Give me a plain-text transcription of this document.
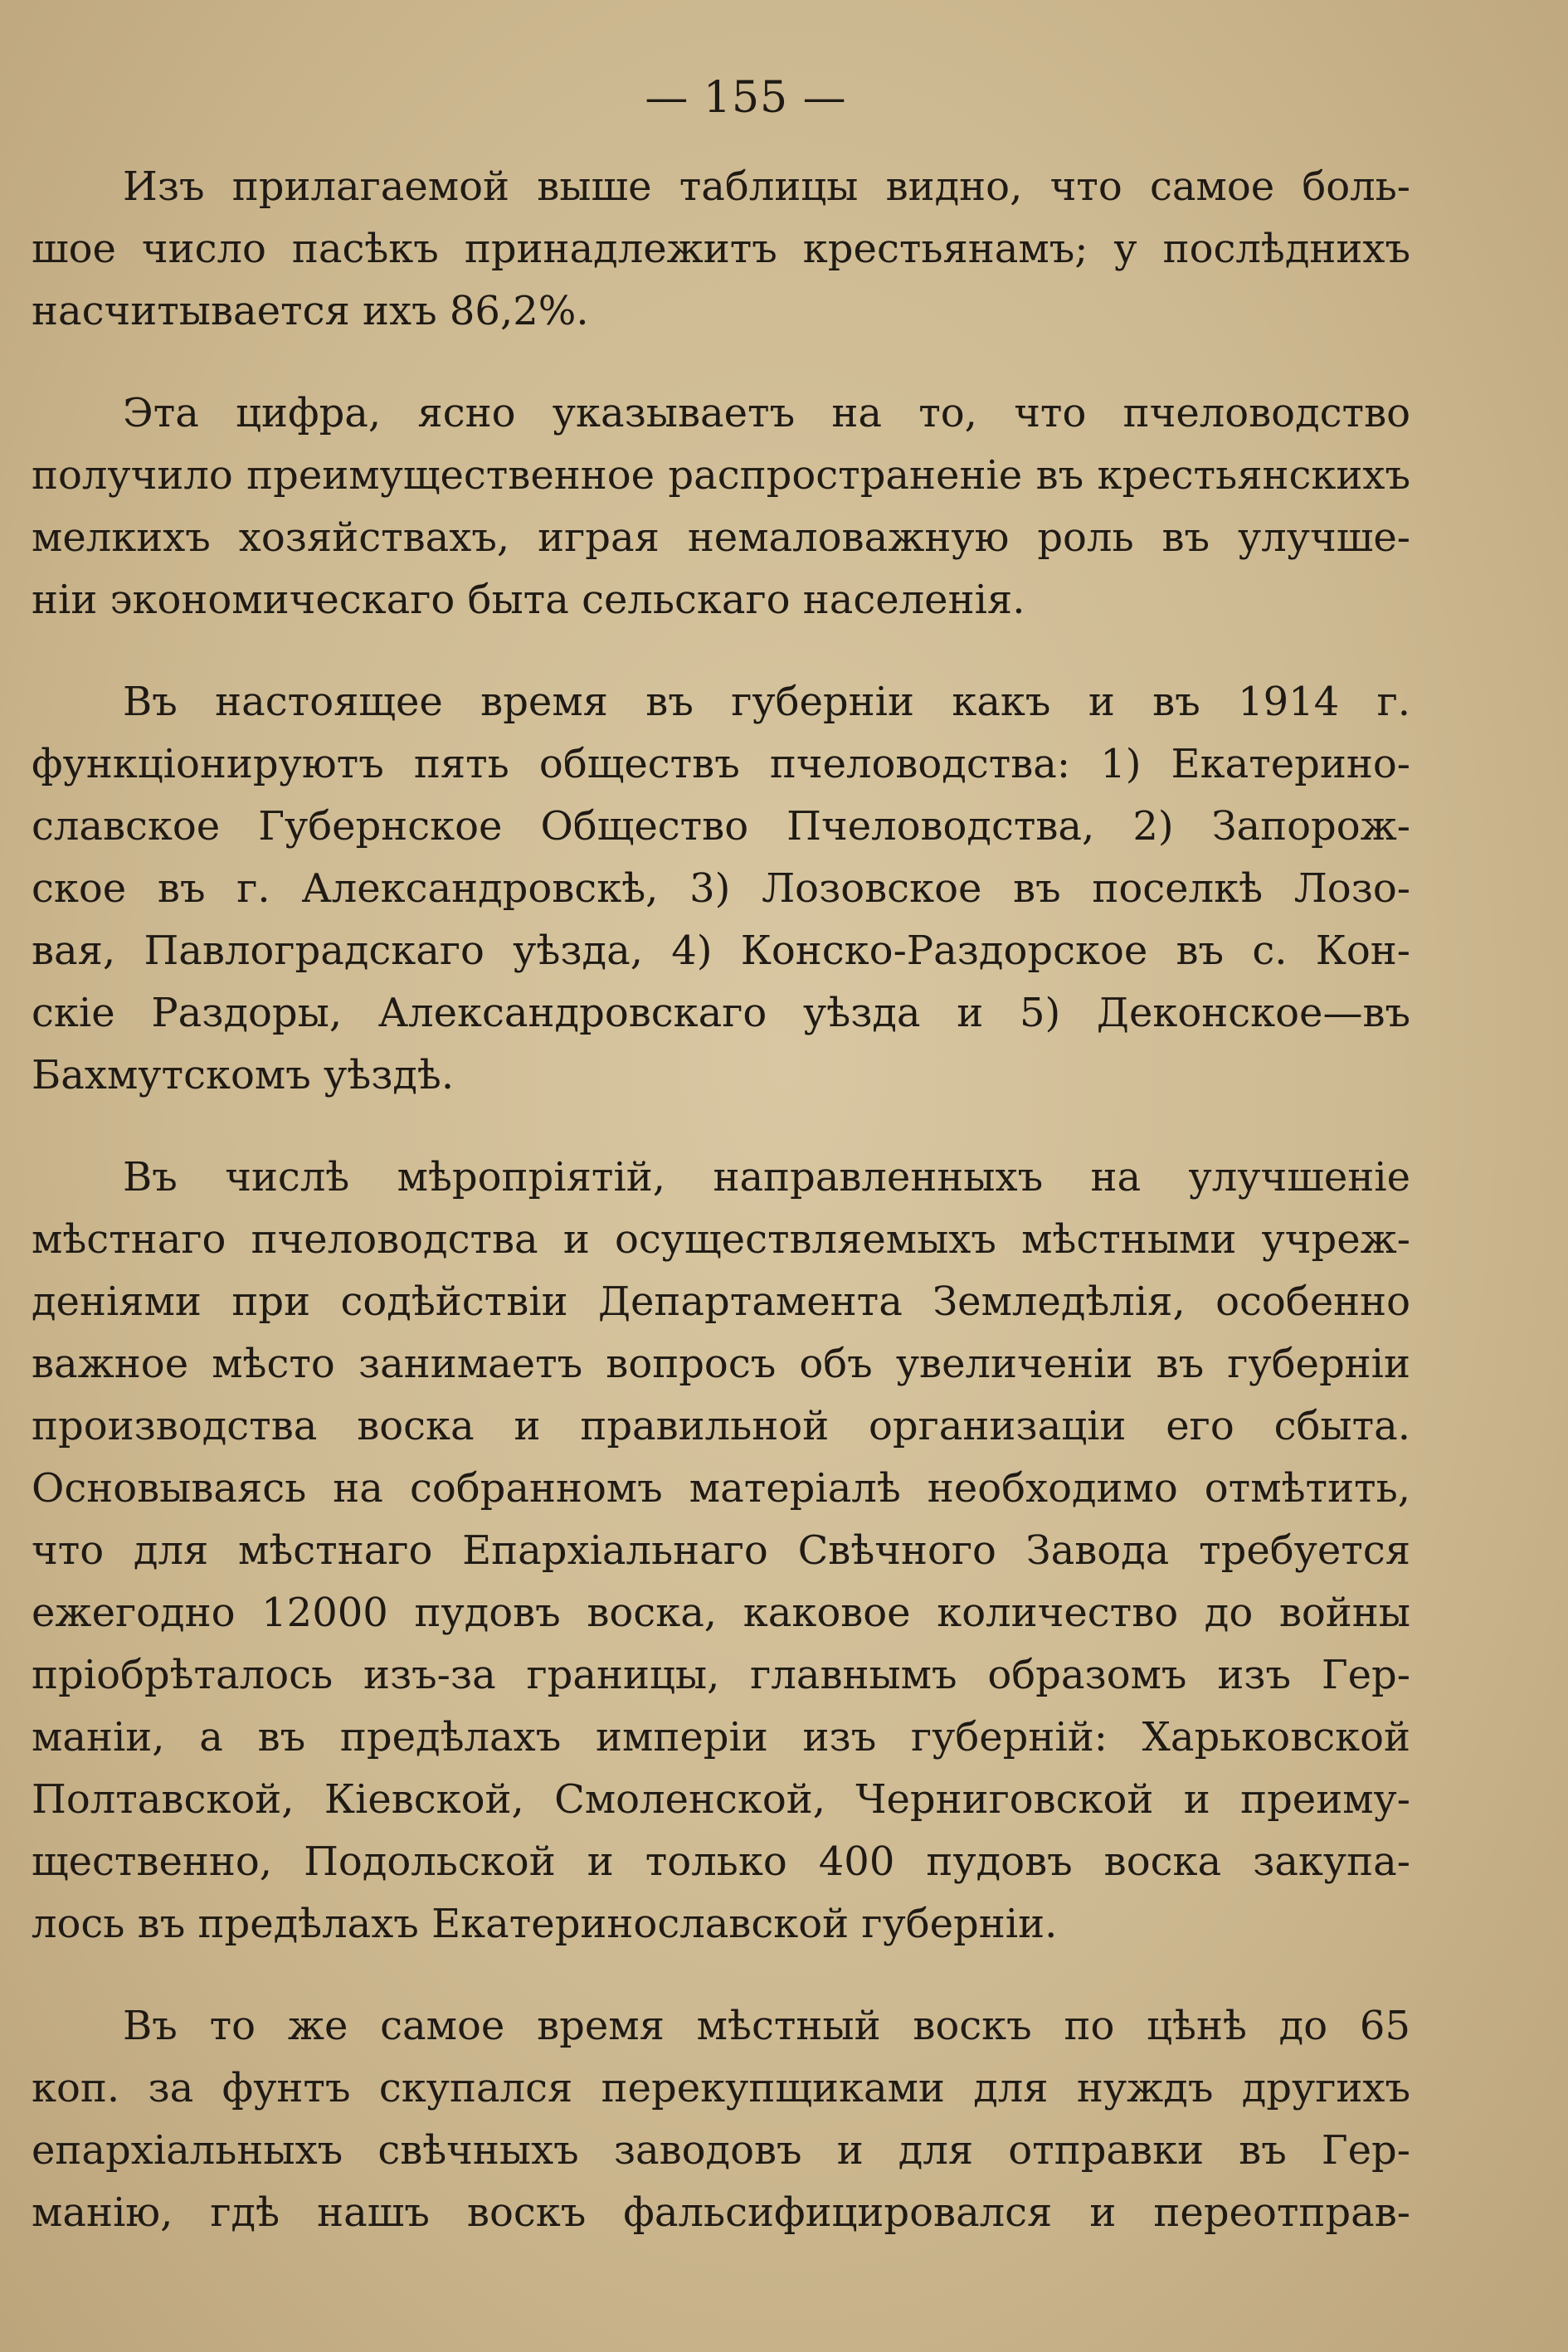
— 155 —
Изъ прилагаемой выше таблицы видно, что самое боль-
шое число пасѣкъ принадлежитъ крестьянамъ; у послѣднихъ
насчитывается ихъ 86,2%.
Эта цифра, ясно указываетъ на то, что пчеловодство
получило преимущественное распространеніе въ крестьянскихъ
мелкихъ хозяйствахъ, играя немаловажную роль въ улучше-
ніи экономическаго быта сельскаго населенія.
Въ настоящее время въ губерніи какъ и въ 1914 г.
функціонируютъ пять обществъ пчеловодства: 1) Екатерино-
славское Губернское Общество Пчеловодства, 2) Запорож-
ское въ г. Александровскѣ, 3) Лозовское въ поселкѣ Лозо-
вая, Павлоградскаго уѣзда, 4) Конско-Раздорское въ с. Кон-
скіе Раздоры, Александровскаго уѣзда и 5) Деконское—въ
Бахмутскомъ уѣздѣ.
Въ числѣ мѣропріятій, направленныхъ на улучшеніе
мѣстнаго пчеловодства и осуществляемыхъ мѣстными учреж-
деніями при содѣйствіи Департамента Земледѣлія, особенно
важное мѣсто занимаетъ вопросъ объ увеличеніи въ губерніи
производства воска и правильной организаціи его сбыта.
Основываясь на собранномъ матеріалѣ необходимо отмѣтить,
что для мѣстнаго Епархіальнаго Свѣчного Завода требуется
ежегодно 12000 пудовъ воска, каковое количество до войны
пріобрѣталось изъ-за границы, главнымъ образомъ изъ Гер-
маніи, а въ предѣлахъ имперіи изъ губерній: Харьковской
Полтавской, Кіевской, Смоленской, Черниговской и преиму-
щественно, Подольской и только 400 пудовъ воска закупа-
лось въ предѣлахъ Екатеринославской губерніи.
Въ то же самое время мѣстный воскъ по цѣнѣ до 65
коп. за фунтъ скупался перекупщиками для нуждъ другихъ
епархіальныхъ свѣчныхъ заводовъ и для отправки въ Гер-
манію, гдѣ нашъ воскъ фальсифицировался и переотправ-
